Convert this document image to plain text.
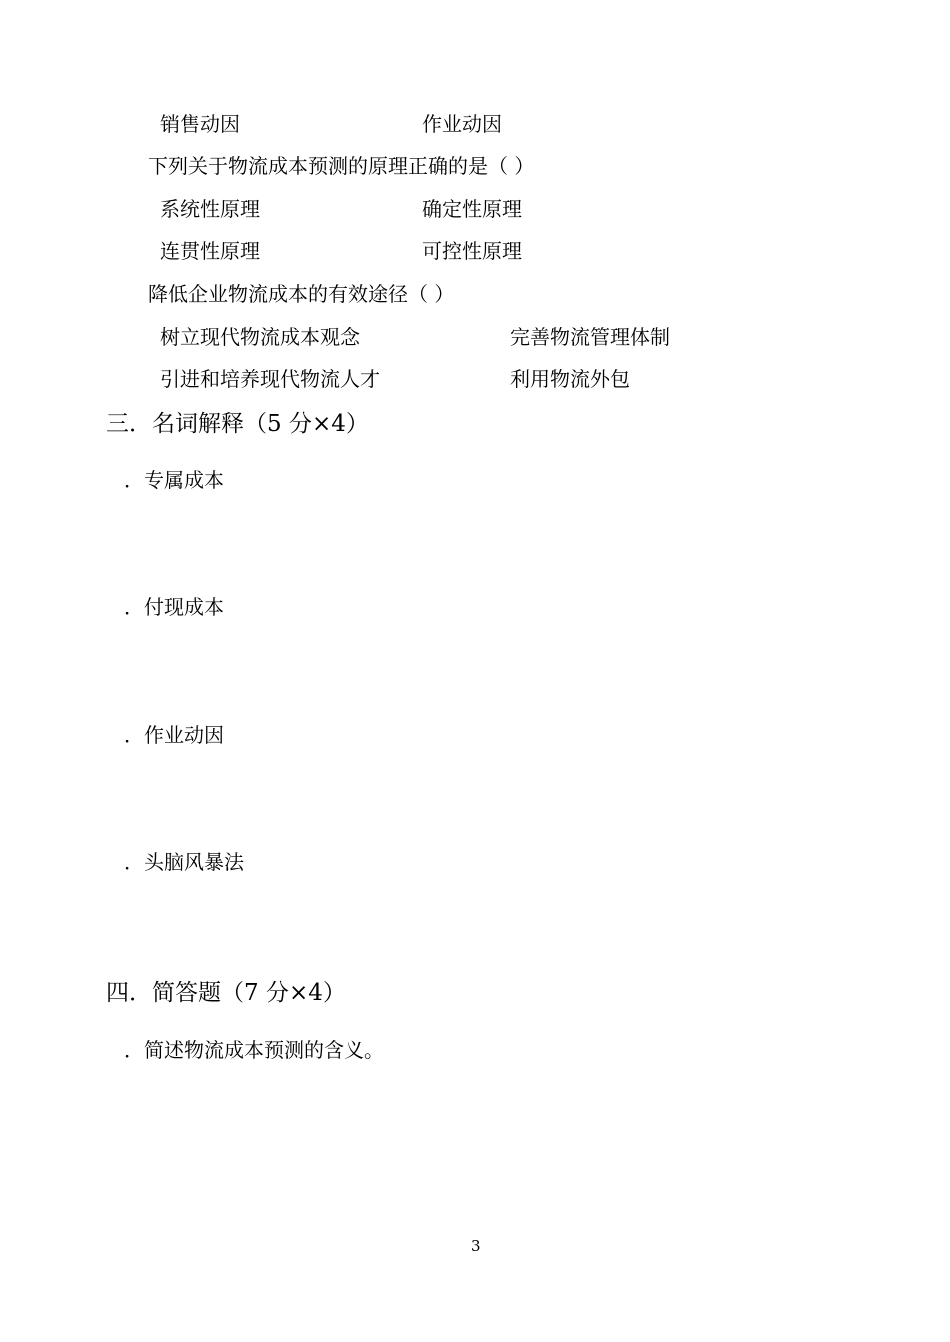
销售动因	作业动因
下列关于物流成本预测的原理正确的是（ ）
系统性原理	确定性原理
连贯性原理	可控性原理
降低企业物流成本的有效途径（ ）
树立现代物流成本观念	完善物流管理体制
引进和培养现代物流人才	利用物流外包
三．名词解释（5 分×4）
．专属成本
．付现成本
．作业动因
．头脑风暴法
四．简答题（7 分×4）
．简述物流成本预测的含义。
3
